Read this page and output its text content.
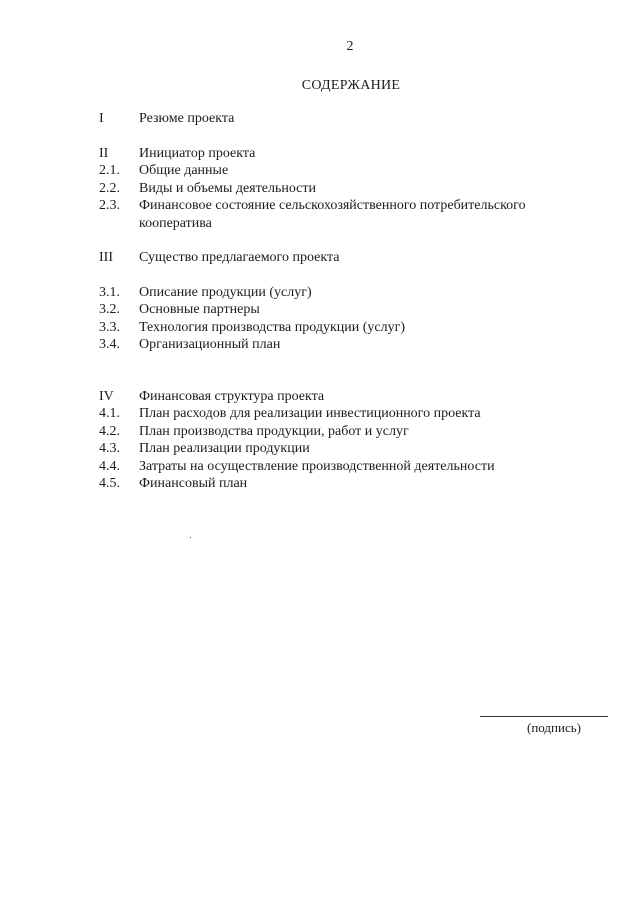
2
СОДЕРЖАНИЕ
I	Резюме проекта
II	Инициатор проекта
2.1.	Общие данные
2.2.	Виды и объемы деятельности
2.3.	Финансовое состояние сельскохозяйственного потребительского кооператива
III	Существо предлагаемого проекта
3.1.	Описание продукции (услуг)
3.2.	Основные партнеры
3.3.	Технология производства продукции (услуг)
3.4.	Организационный план
IV	Финансовая структура проекта
4.1.	План расходов для реализации инвестиционного проекта
4.2.	План производства продукции, работ и услуг
4.3.	План реализации продукции
4.4.	Затраты на осуществление производственной деятельности
4.5.	Финансовый план
(подпись)
